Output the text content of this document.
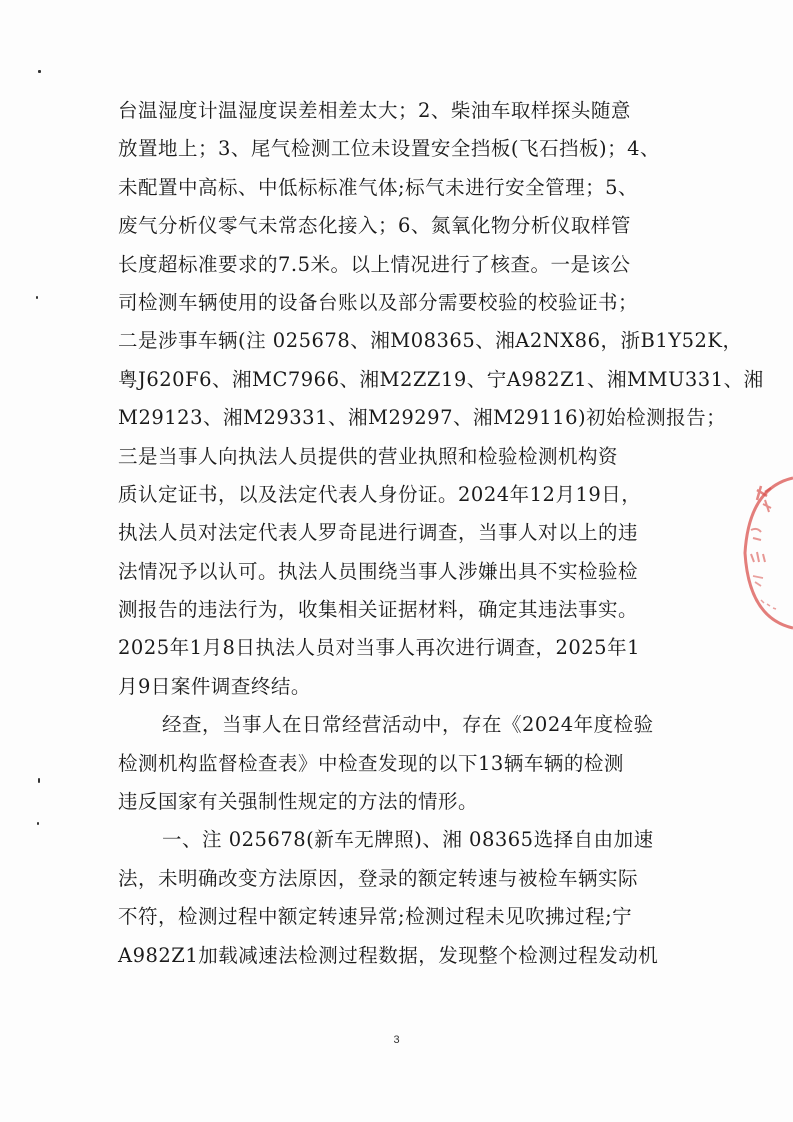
台温湿度计温湿度误差相差太大；2、柴油车取样探头随意
放置地上；3、尾气检测工位未设置安全挡板(飞石挡板)；4、
未配置中高标、中低标标准气体;标气未进行安全管理；5、
废气分析仪零气未常态化接入；6、氮氧化物分析仪取样管
长度超标准要求的7.5米。以上情况进行了核查。一是该公
司检测车辆使用的设备台账以及部分需要校验的校验证书；
二是涉事车辆(注 025678、湘M08365、湘A2NX86，浙B1Y52K，
粤J620F6、湘MC7966、湘M2ZZ19、宁A982Z1、湘MMU331、湘
M29123、湘M29331、湘M29297、湘M29116)初始检测报告；
三是当事人向执法人员提供的营业执照和检验检测机构资
质认定证书，以及法定代表人身份证。2024年12月19日，
执法人员对法定代表人罗奇昆进行调查，当事人对以上的违
法情况予以认可。执法人员围绕当事人涉嫌出具不实检验检
测报告的违法行为，收集相关证据材料，确定其违法事实。
2025年1月8日执法人员对当事人再次进行调查，2025年1
月9日案件调查终结。
经查，当事人在日常经营活动中，存在《2024年度检验
检测机构监督检查表》中检查发现的以下13辆车辆的检测
违反国家有关强制性规定的方法的情形。
一、注 025678(新车无牌照)、湘 08365选择自由加速
法，未明确改变方法原因，登录的额定转速与被检车辆实际
不符，检测过程中额定转速异常;检测过程未见吹拂过程;宁
A982Z1加载减速法检测过程数据，发现整个检测过程发动机
3
